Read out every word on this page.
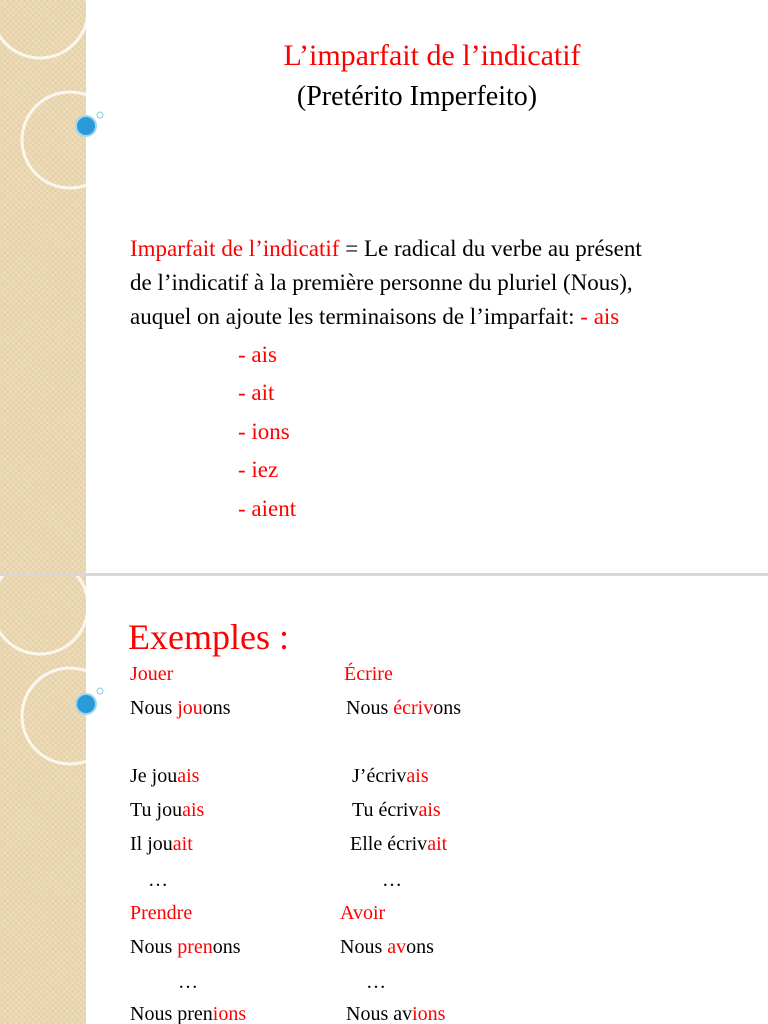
L’imparfait de l’indicatif
(Pretérito Imperfeito)
Imparfait de l’indicatif = Le radical du verbe au présent
de l’indicatif à la première personne du pluriel (Nous),
auquel on ajoute les terminaisons de l’imparfait: - ais
- ais
- ait
- ions
- iez
- aient
Exemples :
Jouer
Nous jouons
Je jouais
Tu jouais
Il jouait
…
Prendre
Nous prenons
…
Nous prenions
Écrire
Nous écrivons
J’écrivais
Tu écrivais
Elle écrivait
…
Avoir
Nous avons
…
Nous avions
